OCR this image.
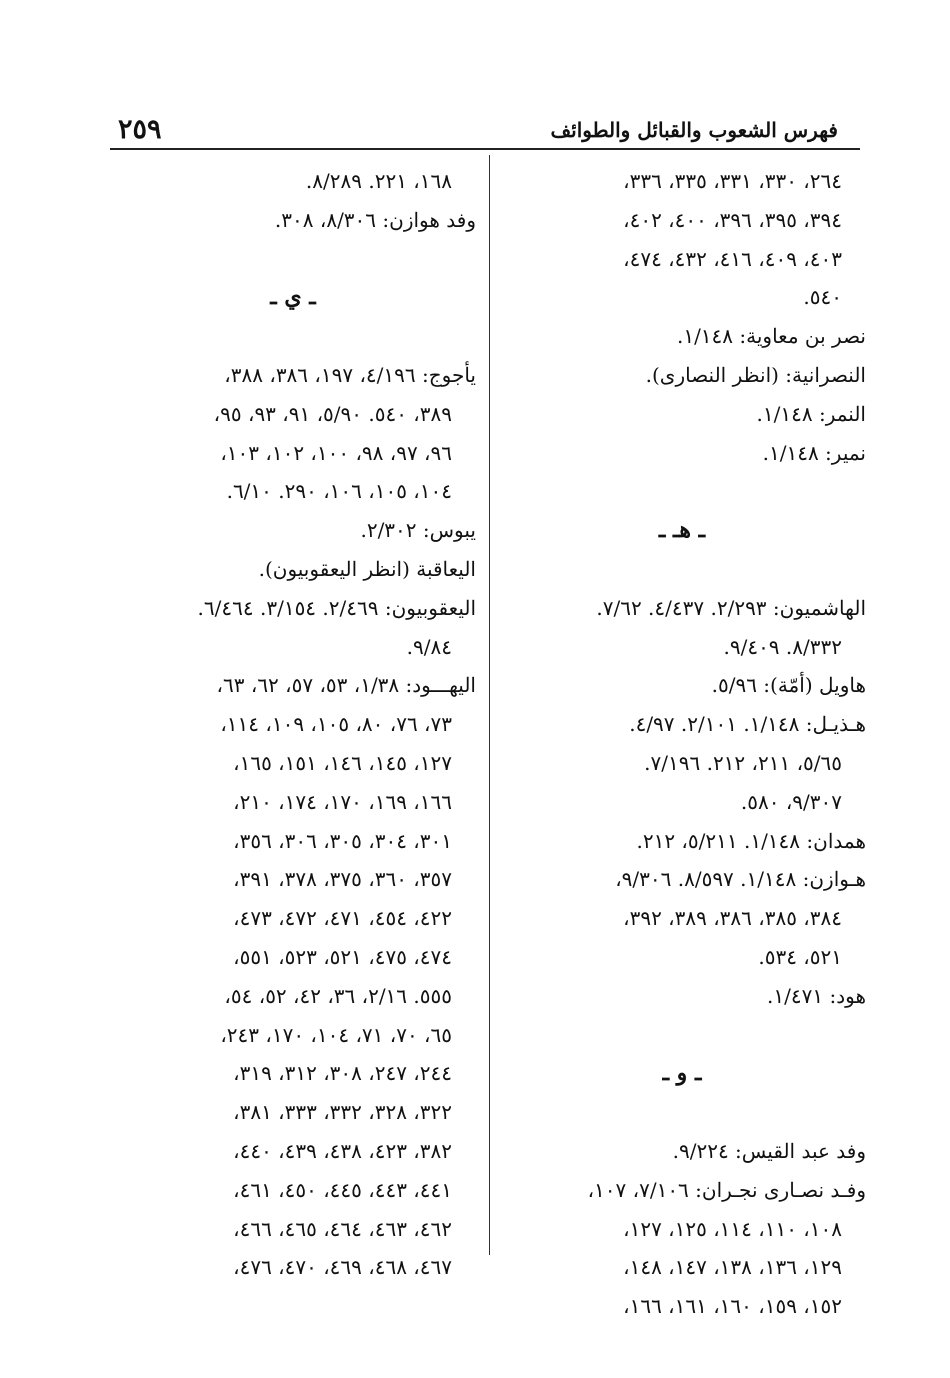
فهرس الشعوب والقبائل والطوائف
٢٥٩
٢٦٤، ٣٣٠، ٣٣١، ٣٣٥، ٣٣٦،
٣٩٤، ٣٩٥، ٣٩٦، ٤٠٠، ٤٠٢،
٤٠٣، ٤٠٩، ٤١٦، ٤٣٢، ٤٧٤،
٥٤٠.
نصر بن معاوية: ١/١٤٨.
النصرانية: (انظر النصارى).
النمر: ١/١٤٨.
نمير: ١/١٤٨.
ـ هـ ـ
الهاشميون: ٢/٢٩٣. ٤/٤٣٧. ٧/٦٢.
٨/٣٣٢. ٩/٤٠٩.
هاويل (أمّة): ٥/٩٦.
هـذيـل: ١/١٤٨. ٢/١٠١. ٤/٩٧.
٥/٦٥، ٢١١، ٢١٢. ٧/١٩٦.
٩/٣٠٧، ٥٨٠.
همدان: ١/١٤٨. ٥/٢١١، ٢١٢.
هـوازن: ١/١٤٨. ٨/٥٩٧. ٩/٣٠٦،
٣٨٤، ٣٨٥، ٣٨٦، ٣٨٩، ٣٩٢،
٥٢١، ٥٣٤.
هود: ١/٤٧١.
ـ و ـ
وفد عبد القيس: ٩/٢٢٤.
وفـد نصـارى نجـران: ٧/١٠٦، ١٠٧،
١٠٨، ١١٠، ١١٤، ١٢٥، ١٢٧،
١٢٩، ١٣٦، ١٣٨، ١٤٧، ١٤٨،
١٥٢، ١٥٩، ١٦٠، ١٦١، ١٦٦،
١٦٨، ٢٢١. ٨/٢٨٩.
وفد هوازن: ٨/٣٠٦، ٣٠٨.
ـ ي ـ
يأجوج: ٤/١٩٦، ١٩٧، ٣٨٦، ٣٨٨،
٣٨٩، ٥٤٠. ٥/٩٠، ٩١، ٩٣، ٩٥،
٩٦، ٩٧، ٩٨، ١٠٠، ١٠٢، ١٠٣،
١٠٤، ١٠٥، ١٠٦، ٢٩٠. ٦/١٠.
يبوس: ٢/٣٠٢.
اليعاقبة (انظر اليعقوبيون).
اليعقوبيون: ٢/٤٦٩. ٣/١٥٤. ٦/٤٦٤.
٩/٨٤.
اليهـــود: ١/٣٨، ٥٣، ٥٧، ٦٢، ٦٣،
٧٣، ٧٦، ٨٠، ١٠٥، ١٠٩، ١١٤،
١٢٧، ١٤٥، ١٤٦، ١٥١، ١٦٥،
١٦٦، ١٦٩، ١٧٠، ١٧٤، ٢١٠،
٣٠١، ٣٠٤، ٣٠٥، ٣٠٦، ٣٥٦،
٣٥٧، ٣٦٠، ٣٧٥، ٣٧٨، ٣٩١،
٤٢٢، ٤٥٤، ٤٧١، ٤٧٢، ٤٧٣،
٤٧٤، ٤٧٥، ٥٢١، ٥٢٣، ٥٥١،
٥٥٥. ٢/١٦، ٣٦، ٤٢، ٥٢، ٥٤،
٦٥، ٧٠، ٧١، ١٠٤، ١٧٠، ٢٤٣،
٢٤٤، ٢٤٧، ٣٠٨، ٣١٢، ٣١٩،
٣٢٢، ٣٢٨، ٣٣٢، ٣٣٣، ٣٨١،
٣٨٢، ٤٢٣، ٤٣٨، ٤٣٩، ٤٤٠،
٤٤١، ٤٤٣، ٤٤٥، ٤٥٠، ٤٦١،
٤٦٢، ٤٦٣، ٤٦٤، ٤٦٥، ٤٦٦،
٤٦٧، ٤٦٨، ٤٦٩، ٤٧٠، ٤٧٦،
